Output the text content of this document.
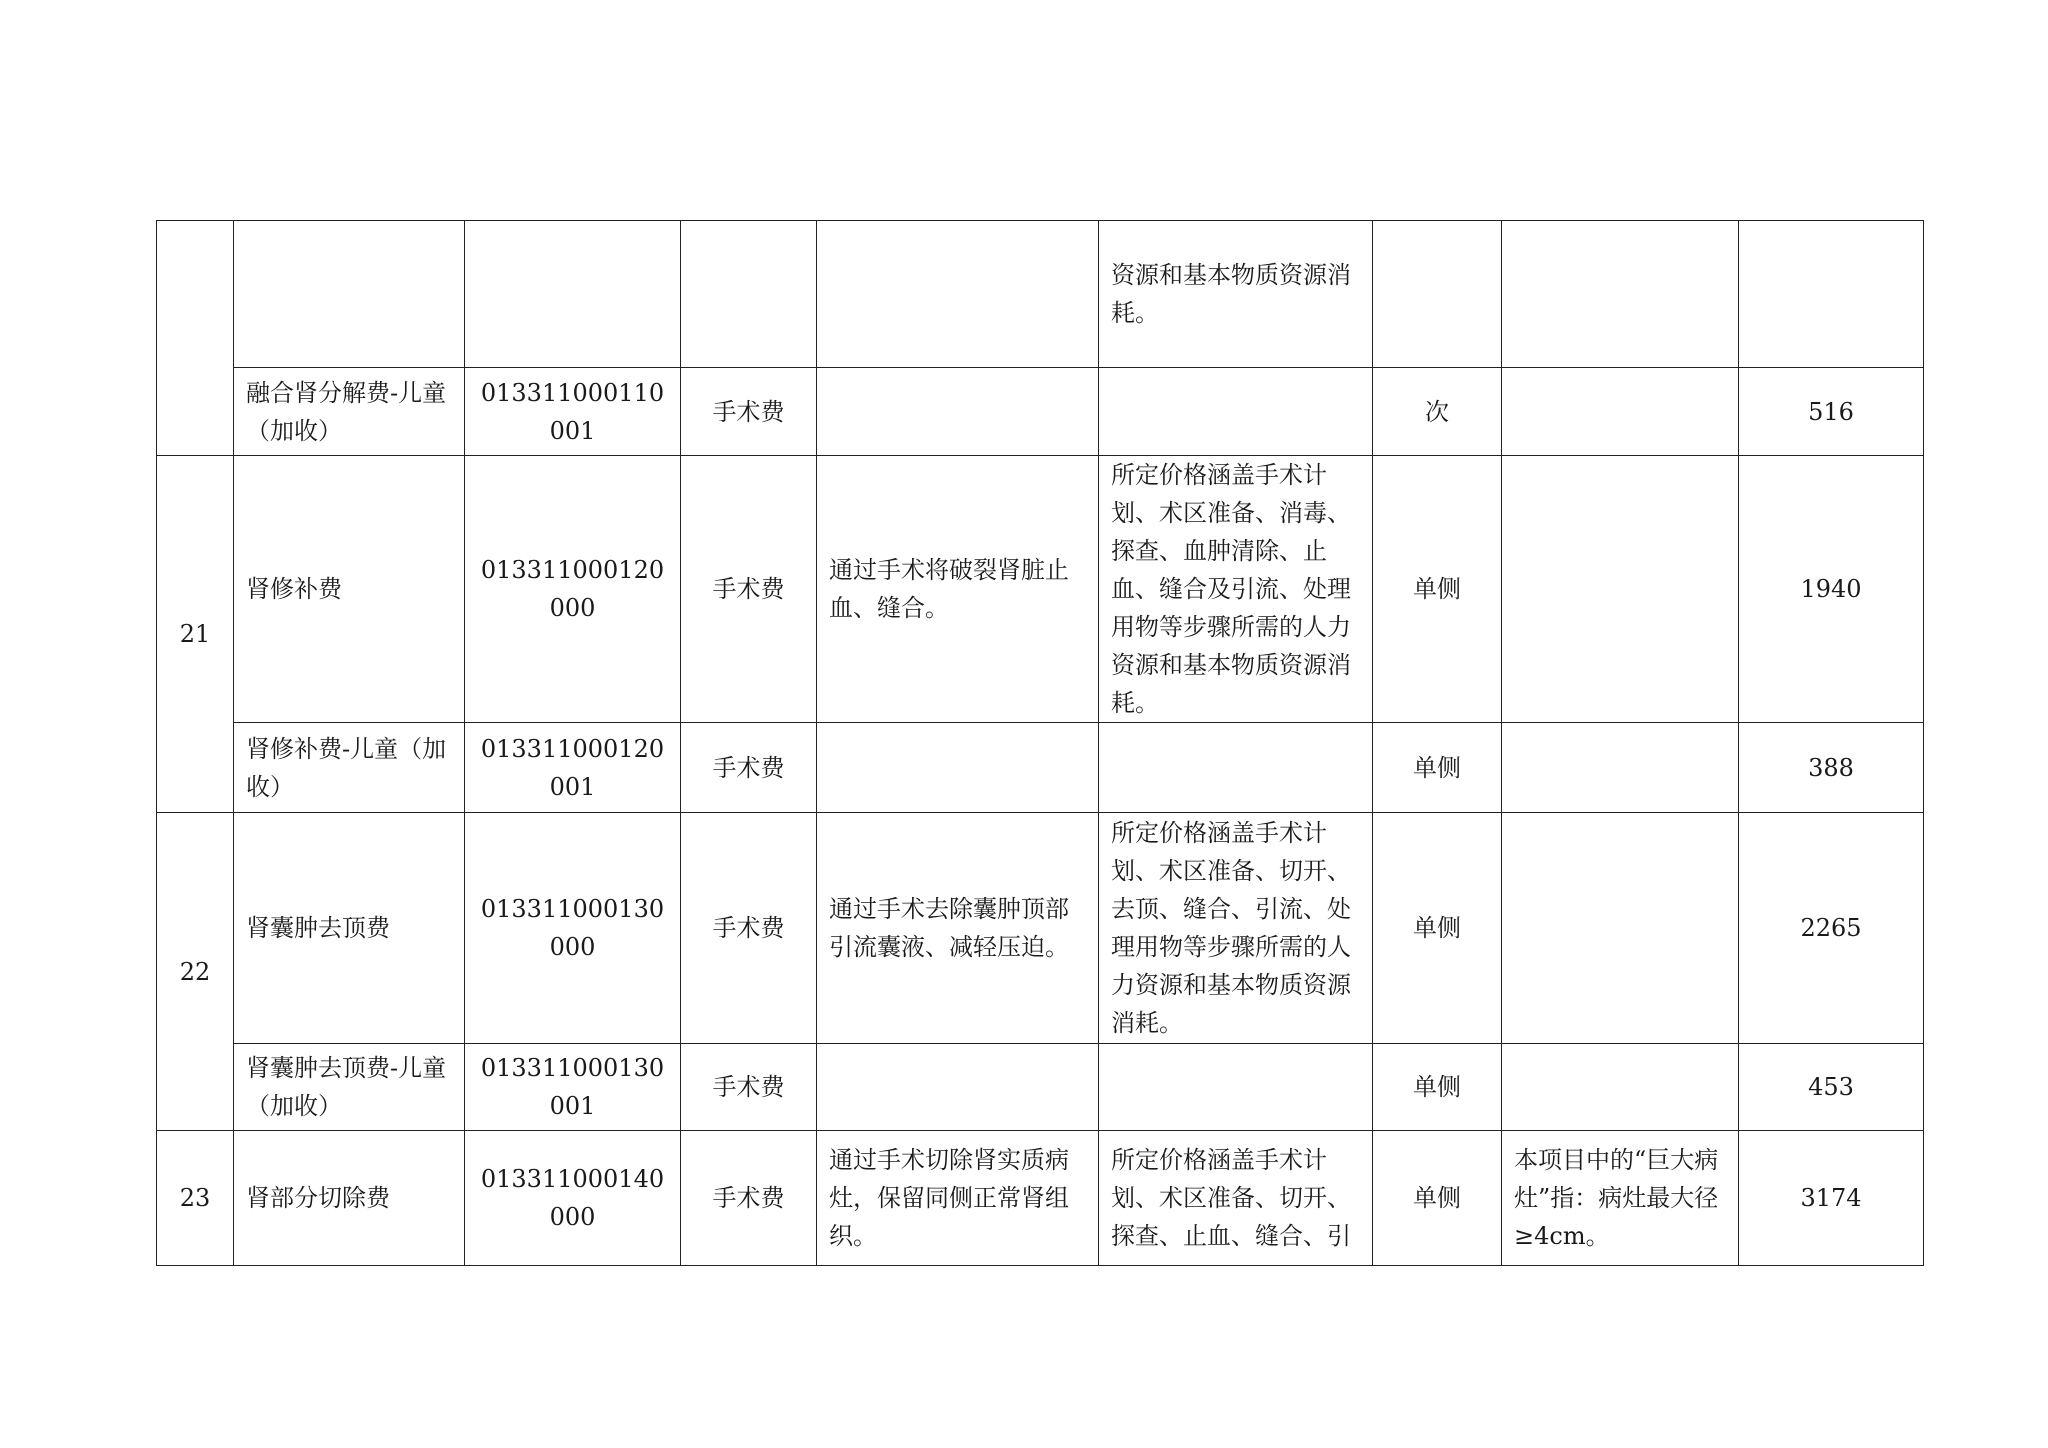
					资源和基本物质资源消耗。			

	融合肾分解费-儿童（加收）	013311000110001	手术费			次		516
21	肾修补费	013311000120000	手术费	通过手术将破裂肾脏止血、缝合。	所定价格涵盖手术计划、术区准备、消毒、探查、血肿清除、止血、缝合及引流、处理用物等步骤所需的人力资源和基本物质资源消耗。	单侧		1940

	肾修补费-儿童（加收）	013311000120001	手术费			单侧		388
22	肾囊肿去顶费	013311000130000	手术费	通过手术去除囊肿顶部引流囊液、减轻压迫。	所定价格涵盖手术计划、术区准备、切开、去顶、缝合、引流、处理用物等步骤所需的人力资源和基本物质资源消耗。	单侧		2265

	肾囊肿去顶费-儿童（加收）	013311000130001	手术费			单侧		453
23	肾部分切除费	013311000140000	手术费	通过手术切除肾实质病灶，保留同侧正常肾组织。	所定价格涵盖手术计划、术区准备、切开、探查、止血、缝合、引	单侧	本项目中的“巨大病灶”指：病灶最大径≥4cm。	3174
